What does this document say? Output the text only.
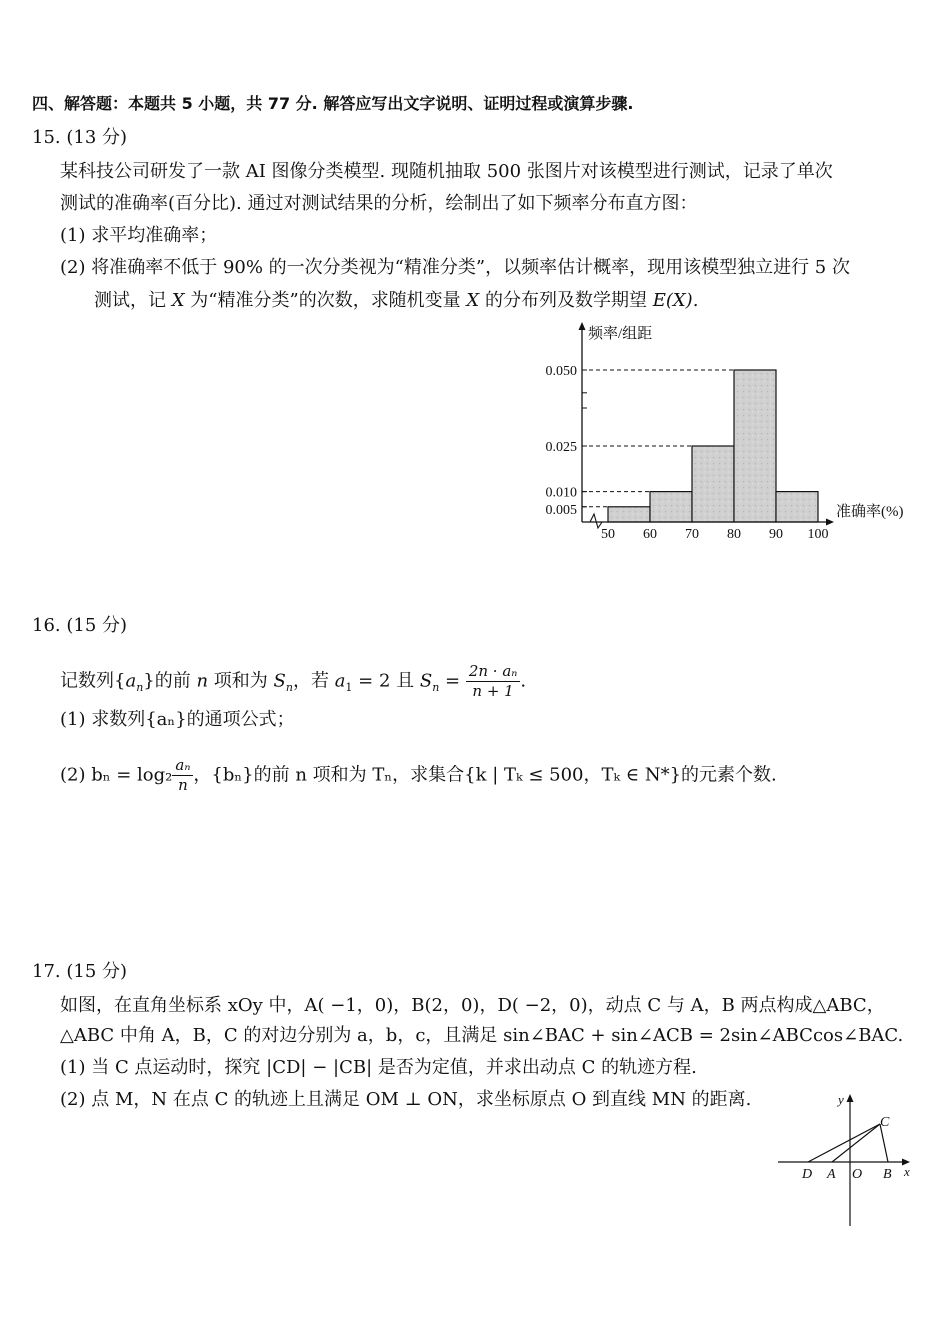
四、解答题：本题共 5 小题，共 77 分. 解答应写出文字说明、证明过程或演算步骤.
15. (13 分)
某科技公司研发了一款 AI 图像分类模型. 现随机抽取 500 张图片对该模型进行测试，记录了单次
测试的准确率(百分比). 通过对测试结果的分析，绘制出了如下频率分布直方图：
(1) 求平均准确率；
(2) 将准确率不低于 90% 的一次分类视为“精准分类”，以频率估计概率，现用该模型独立进行 5 次
测试，记 X 为“精准分类”的次数，求随机变量 X 的分布列及数学期望 E(X).
0.050
0.025
0.010
0.005
50 60 70 80 90 100
频率/组距
准确率(%)
16. (15 分)
记数列$\{a_n\}$的前 n 项和为 $S_n$，若 $a_1 = 2$ 且 $S_n = \frac{\text{2n · aₙ}}{n + 1}$ .
(1) 求数列{aₙ}的通项公式；
(2) $b_n = \log_2 \frac{\text{aₙ}}{n}$ ，{bₙ}的前 n 项和为 Tₙ，求集合{k | Tₖ ≤ 500，Tₖ ∈ N*}的元素个数.
17. (15 分)
如图，在直角坐标系 xOy 中，A( −1，0)，B(2，0)，D( −2，0)，动点 C 与 A，B 两点构成△ABC，
△ABC 中角 A，B，C 的对边分别为 a，b，c，且满足 sin∠BAC + sin∠ACB = 2sin∠ABCcos∠BAC.
(1) 当 C 点运动时，探究 |CD| − |CB| 是否为定值，并求出动点 C 的轨迹方程.
(2) 点 M，N 在点 C 的轨迹上且满足 OM ⊥ ON，求坐标原点 O 到直线 MN 的距离.	y
x
C
D A O B
